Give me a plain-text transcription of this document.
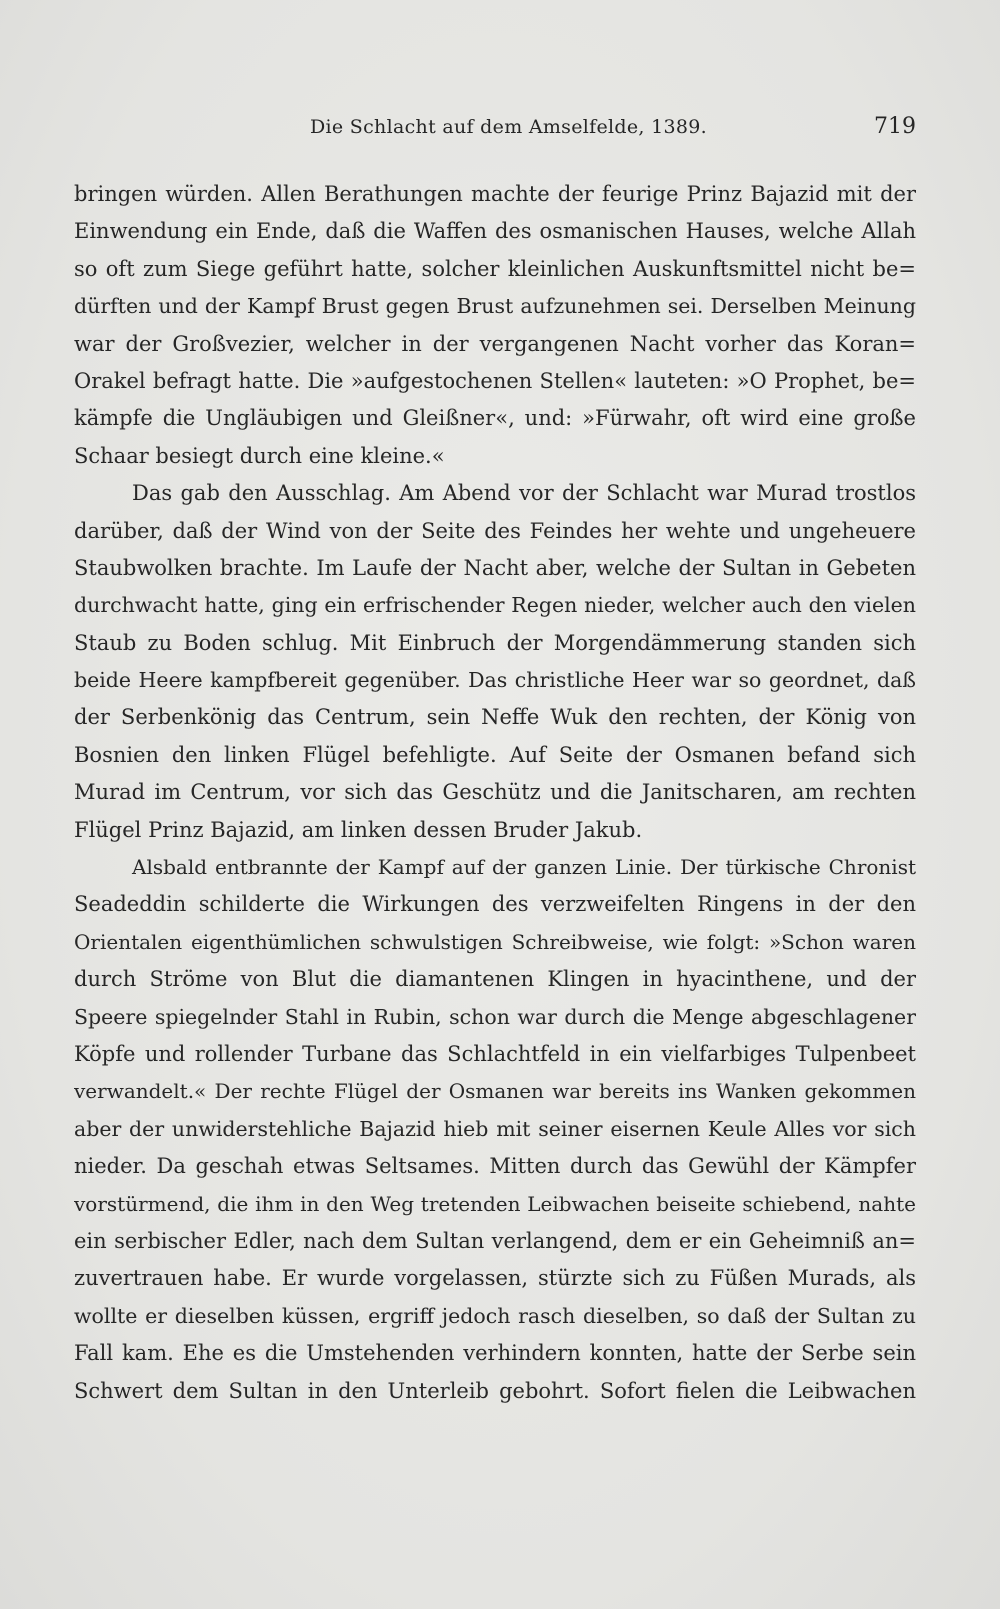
Die Schlacht auf dem Amselfelde, 1389.	719
bringen würden. Allen Berathungen machte der feurige Prinz Bajazid mit der
Einwendung ein Ende, daß die Waffen des osmanischen Hauses, welche Allah
so oft zum Siege geführt hatte, solcher kleinlichen Auskunftsmittel nicht be=
dürften und der Kampf Brust gegen Brust aufzunehmen sei. Derselben Meinung
war der Großvezier, welcher in der vergangenen Nacht vorher das Koran=
Orakel befragt hatte. Die »aufgestochenen Stellen« lauteten: »O Prophet, be=
kämpfe die Ungläubigen und Gleißner«, und: »Fürwahr, oft wird eine große
Schaar besiegt durch eine kleine.«
Das gab den Ausschlag. Am Abend vor der Schlacht war Murad trostlos
darüber, daß der Wind von der Seite des Feindes her wehte und ungeheuere
Staubwolken brachte. Im Laufe der Nacht aber, welche der Sultan in Gebeten
durchwacht hatte, ging ein erfrischender Regen nieder, welcher auch den vielen
Staub zu Boden schlug. Mit Einbruch der Morgendämmerung standen sich
beide Heere kampfbereit gegenüber. Das christliche Heer war so geordnet, daß
der Serbenkönig das Centrum, sein Neffe Wuk den rechten, der König von
Bosnien den linken Flügel befehligte. Auf Seite der Osmanen befand sich
Murad im Centrum, vor sich das Geschütz und die Janitscharen, am rechten
Flügel Prinz Bajazid, am linken dessen Bruder Jakub.
Alsbald entbrannte der Kampf auf der ganzen Linie. Der türkische Chronist
Seadeddin schilderte die Wirkungen des verzweifelten Ringens in der den
Orientalen eigenthümlichen schwulstigen Schreibweise, wie folgt: »Schon waren
durch Ströme von Blut die diamantenen Klingen in hyacinthene, und der
Speere spiegelnder Stahl in Rubin, schon war durch die Menge abgeschlagener
Köpfe und rollender Turbane das Schlachtfeld in ein vielfarbiges Tulpenbeet
verwandelt.« Der rechte Flügel der Osmanen war bereits ins Wanken gekommen
aber der unwiderstehliche Bajazid hieb mit seiner eisernen Keule Alles vor sich
nieder. Da geschah etwas Seltsames. Mitten durch das Gewühl der Kämpfer
vorstürmend, die ihm in den Weg tretenden Leibwachen beiseite schiebend, nahte
ein serbischer Edler, nach dem Sultan verlangend, dem er ein Geheimniß an=
zuvertrauen habe. Er wurde vorgelassen, stürzte sich zu Füßen Murads, als
wollte er dieselben küssen, ergriff jedoch rasch dieselben, so daß der Sultan zu
Fall kam. Ehe es die Umstehenden verhindern konnten, hatte der Serbe sein
Schwert dem Sultan in den Unterleib gebohrt. Sofort fielen die Leibwachen
